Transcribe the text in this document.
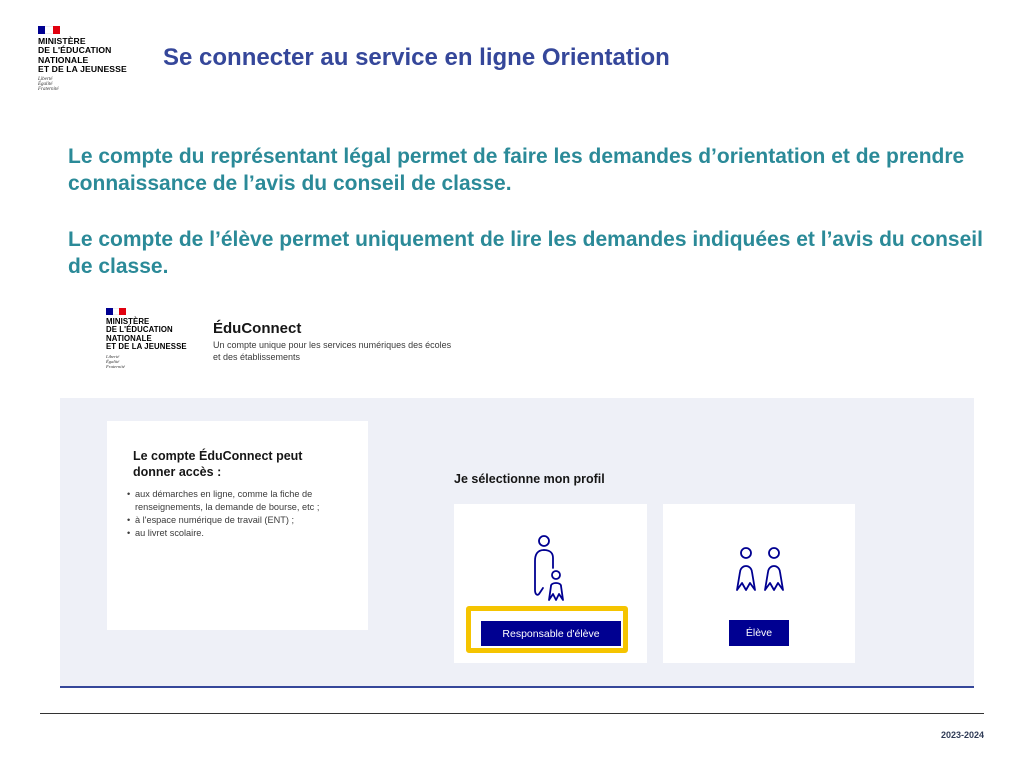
MINISTÈRE
DE L'ÉDUCATION
NATIONALE
ET DE LA JEUNESSE
Liberté
Égalité
Fraternité
Se connecter au service en ligne Orientation
Le compte du représentant légal permet de faire les demandes d’orientation et de prendre connaissance de l’avis du conseil de classe.
Le compte de l’élève permet uniquement de lire les demandes indiquées et l’avis du conseil de classe.
MINISTÈRE
DE L'ÉDUCATION
NATIONALE
ET DE LA JEUNESSE
Liberté
Égalité
Fraternité
ÉduConnect
Un compte unique pour les services numériques des écoles et des établissements
Le compte ÉduConnect peut donner accès :
• aux démarches en ligne, comme la fiche de renseignements, la demande de bourse, etc ;
• à l'espace numérique de travail (ENT) ;
• au livret scolaire.
Je sélectionne mon profil
Responsable d'élève	Élève
2023-2024
